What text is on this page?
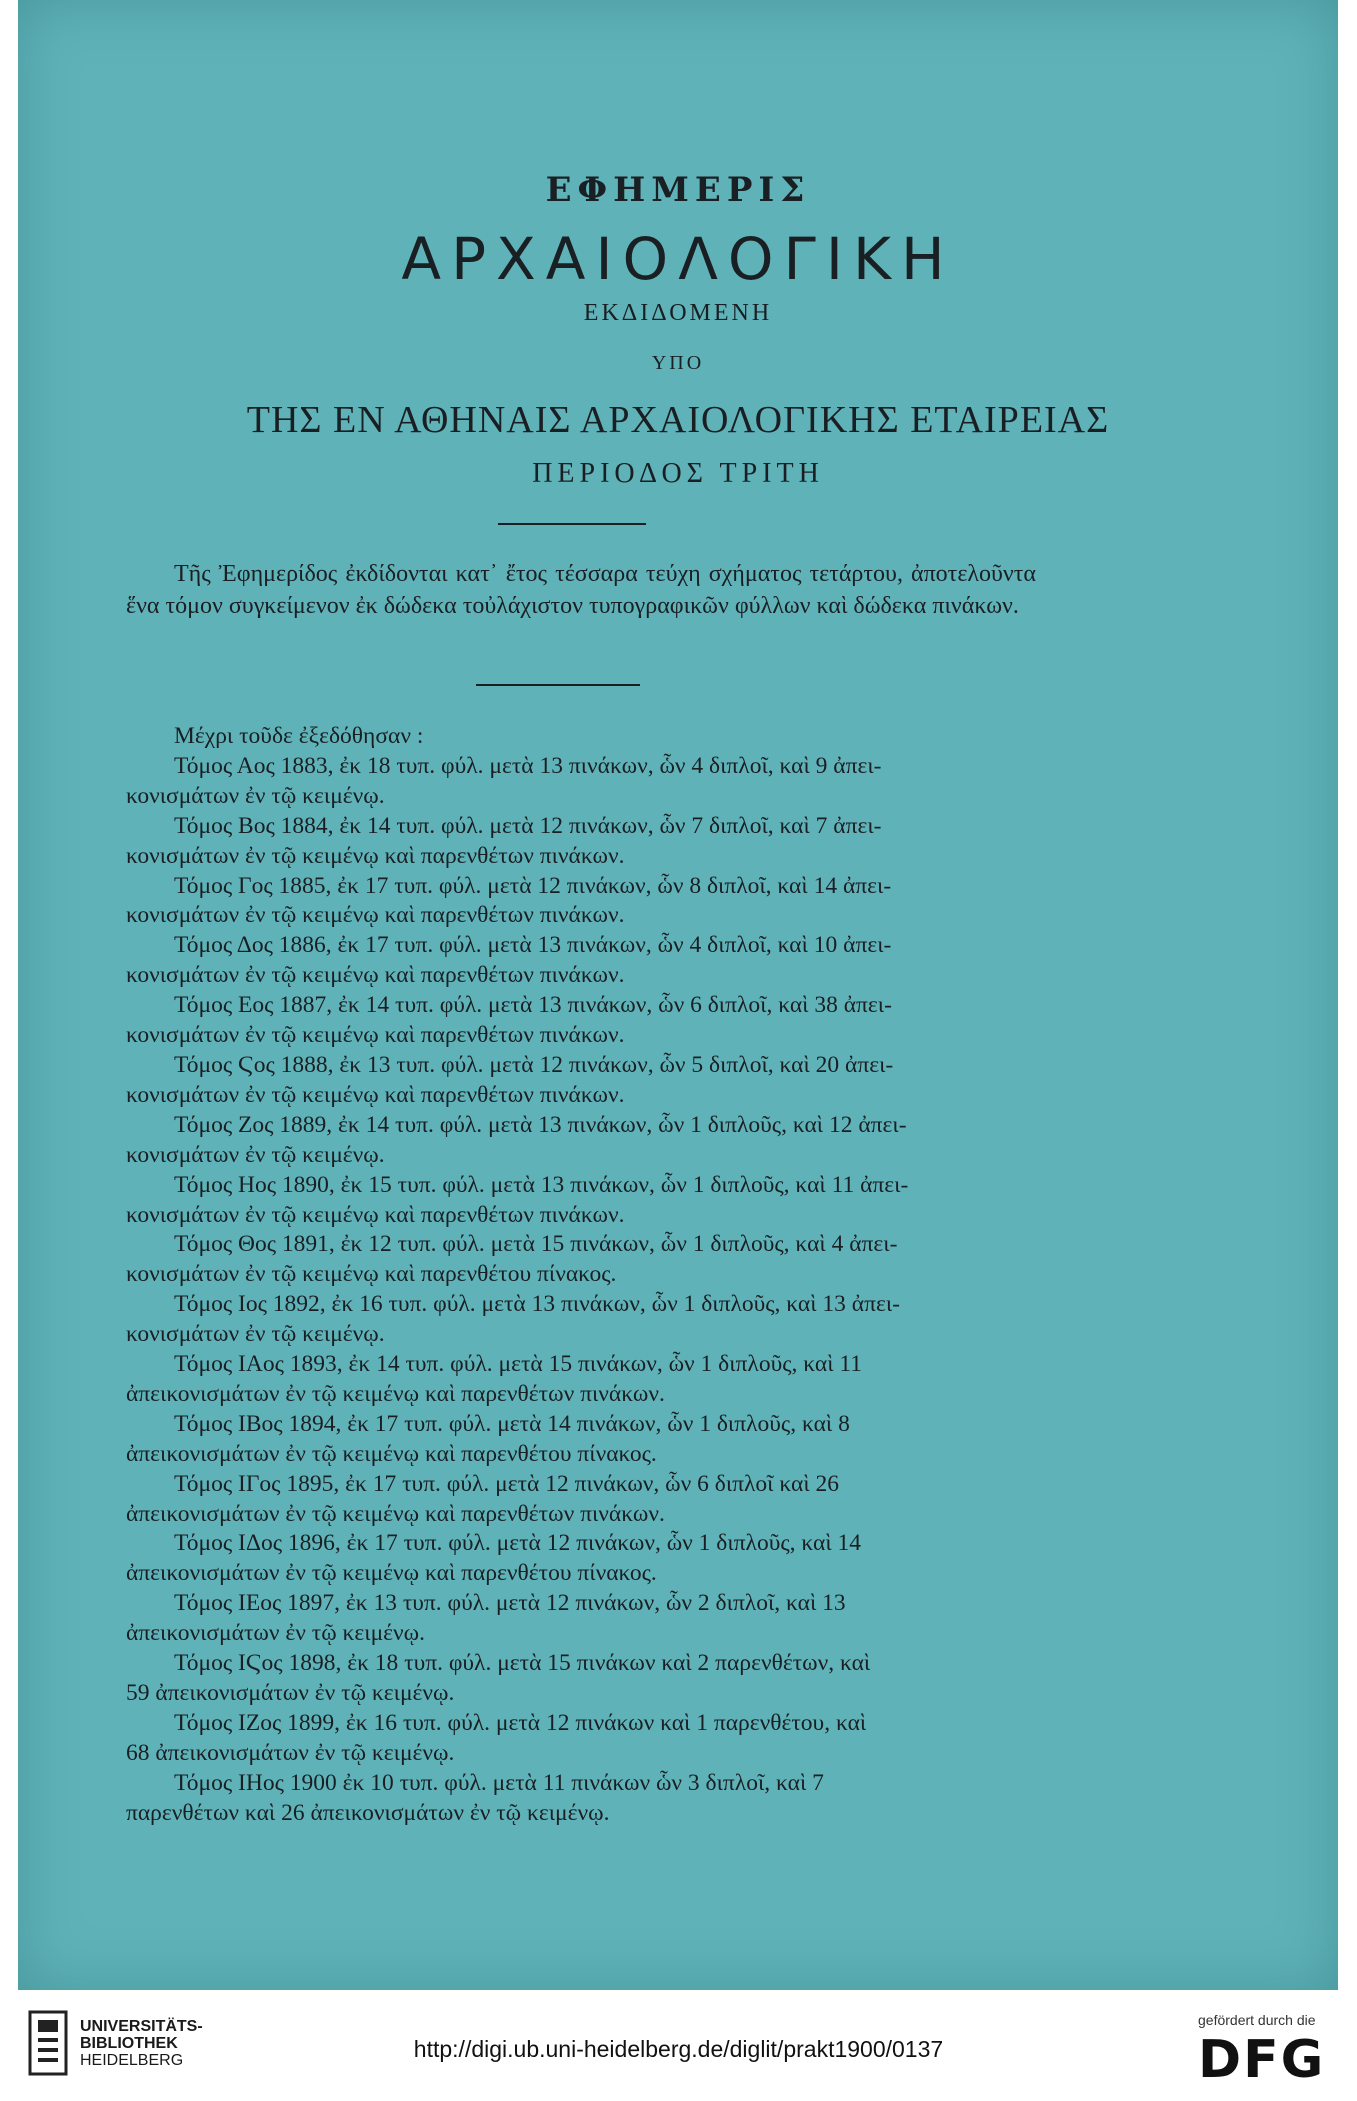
ΕΦΗΜΕΡΙΣ
ΑΡΧΑΙΟΛΟΓΙΚΗ
ΕΚΔΙΔΟΜΕΝΗ
ΥΠΟ
ΤΗΣ ΕΝ ΑΘΗΝΑΙΣ ΑΡΧΑΙΟΛΟΓΙΚΗΣ ΕΤΑΙΡΕΙΑΣ
ΠΕΡΙΟΔΟΣ ΤΡΙΤΗ
Τῆς Ἐφημερίδος ἐκδίδονται κατ᾽ ἔτος τέσσαρα τεύχη σχήματος τετάρτου, ἀποτελοῦντα ἕνα τόμον συγκείμενον ἐκ δώδεκα τοὐλάχιστον τυπογραφικῶν φύλλων καὶ δώδεκα πινάκων.
Μέχρι τοῦδε ἐξεδόθησαν :
Τόμος Αος 1883, ἐκ 18 τυπ. φύλ. μετὰ 13 πινάκων, ὧν 4 διπλοῖ, καὶ 9 ἀπει-
κονισμάτων ἐν τῷ κειμένῳ.
Τόμος Βος 1884, ἐκ 14 τυπ. φύλ. μετὰ 12 πινάκων, ὧν 7 διπλοῖ, καὶ 7 ἀπει-
κονισμάτων ἐν τῷ κειμένῳ καὶ παρενθέτων πινάκων.
Τόμος Γος 1885, ἐκ 17 τυπ. φύλ. μετὰ 12 πινάκων, ὧν 8 διπλοῖ, καὶ 14 ἀπει-
κονισμάτων ἐν τῷ κειμένῳ καὶ παρενθέτων πινάκων.
Τόμος Δος 1886, ἐκ 17 τυπ. φύλ. μετὰ 13 πινάκων, ὧν 4 διπλοῖ, καὶ 10 ἀπει-
κονισμάτων ἐν τῷ κειμένῳ καὶ παρενθέτων πινάκων.
Τόμος Εος 1887, ἐκ 14 τυπ. φύλ. μετὰ 13 πινάκων, ὧν 6 διπλοῖ, καὶ 38 ἀπει-
κονισμάτων ἐν τῷ κειμένῳ καὶ παρενθέτων πινάκων.
Τόμος Ϛος 1888, ἐκ 13 τυπ. φύλ. μετὰ 12 πινάκων, ὧν 5 διπλοῖ, καὶ 20 ἀπει-
κονισμάτων ἐν τῷ κειμένῳ καὶ παρενθέτων πινάκων.
Τόμος Ζος 1889, ἐκ 14 τυπ. φύλ. μετὰ 13 πινάκων, ὧν 1 διπλοῦς, καὶ 12 ἀπει-
κονισμάτων ἐν τῷ κειμένῳ.
Τόμος Ηος 1890, ἐκ 15 τυπ. φύλ. μετὰ 13 πινάκων, ὧν 1 διπλοῦς, καὶ 11 ἀπει-
κονισμάτων ἐν τῷ κειμένῳ καὶ παρενθέτων πινάκων.
Τόμος Θος 1891, ἐκ 12 τυπ. φύλ. μετὰ 15 πινάκων, ὧν 1 διπλοῦς, καὶ 4 ἀπει-
κονισμάτων ἐν τῷ κειμένῳ καὶ παρενθέτου πίνακος.
Τόμος Ιος 1892, ἐκ 16 τυπ. φύλ. μετὰ 13 πινάκων, ὧν 1 διπλοῦς, καὶ 13 ἀπει-
κονισμάτων ἐν τῷ κειμένῳ.
Τόμος ΙΑος 1893, ἐκ 14 τυπ. φύλ. μετὰ 15 πινάκων, ὧν 1 διπλοῦς, καὶ 11
ἀπεικονισμάτων ἐν τῷ κειμένῳ καὶ παρενθέτων πινάκων.
Τόμος ΙΒος 1894, ἐκ 17 τυπ. φύλ. μετὰ 14 πινάκων, ὧν 1 διπλοῦς, καὶ 8
ἀπεικονισμάτων ἐν τῷ κειμένῳ καὶ παρενθέτου πίνακος.
Τόμος ΙΓος 1895, ἐκ 17 τυπ. φύλ. μετὰ 12 πινάκων, ὧν 6 διπλοῖ καὶ 26
ἀπεικονισμάτων ἐν τῷ κειμένῳ καὶ παρενθέτων πινάκων.
Τόμος ΙΔος 1896, ἐκ 17 τυπ. φύλ. μετὰ 12 πινάκων, ὧν 1 διπλοῦς, καὶ 14
ἀπεικονισμάτων ἐν τῷ κειμένῳ καὶ παρενθέτου πίνακος.
Τόμος ΙΕος 1897, ἐκ 13 τυπ. φύλ. μετὰ 12 πινάκων, ὧν 2 διπλοῖ, καὶ 13
ἀπεικονισμάτων ἐν τῷ κειμένῳ.
Τόμος ΙϚος 1898, ἐκ 18 τυπ. φύλ. μετὰ 15 πινάκων καὶ 2 παρενθέτων, καὶ
59 ἀπεικονισμάτων ἐν τῷ κειμένῳ.
Τόμος ΙΖος 1899, ἐκ 16 τυπ. φύλ. μετὰ 12 πινάκων καὶ 1 παρενθέτου, καὶ
68 ἀπεικονισμάτων ἐν τῷ κειμένῳ.
Τόμος ΙΗος 1900 ἐκ 10 τυπ. φύλ. μετὰ 11 πινάκων ὧν 3 διπλοῖ, καὶ 7
παρενθέτων καὶ 26 ἀπεικονισμάτων ἐν τῷ κειμένῳ.
UNIVERSITÄTS-
BIBLIOTHEK
HEIDELBERG	http://digi.ub.uni-heidelberg.de/diglit/prakt1900/0137
gefördert durch die
DFG
